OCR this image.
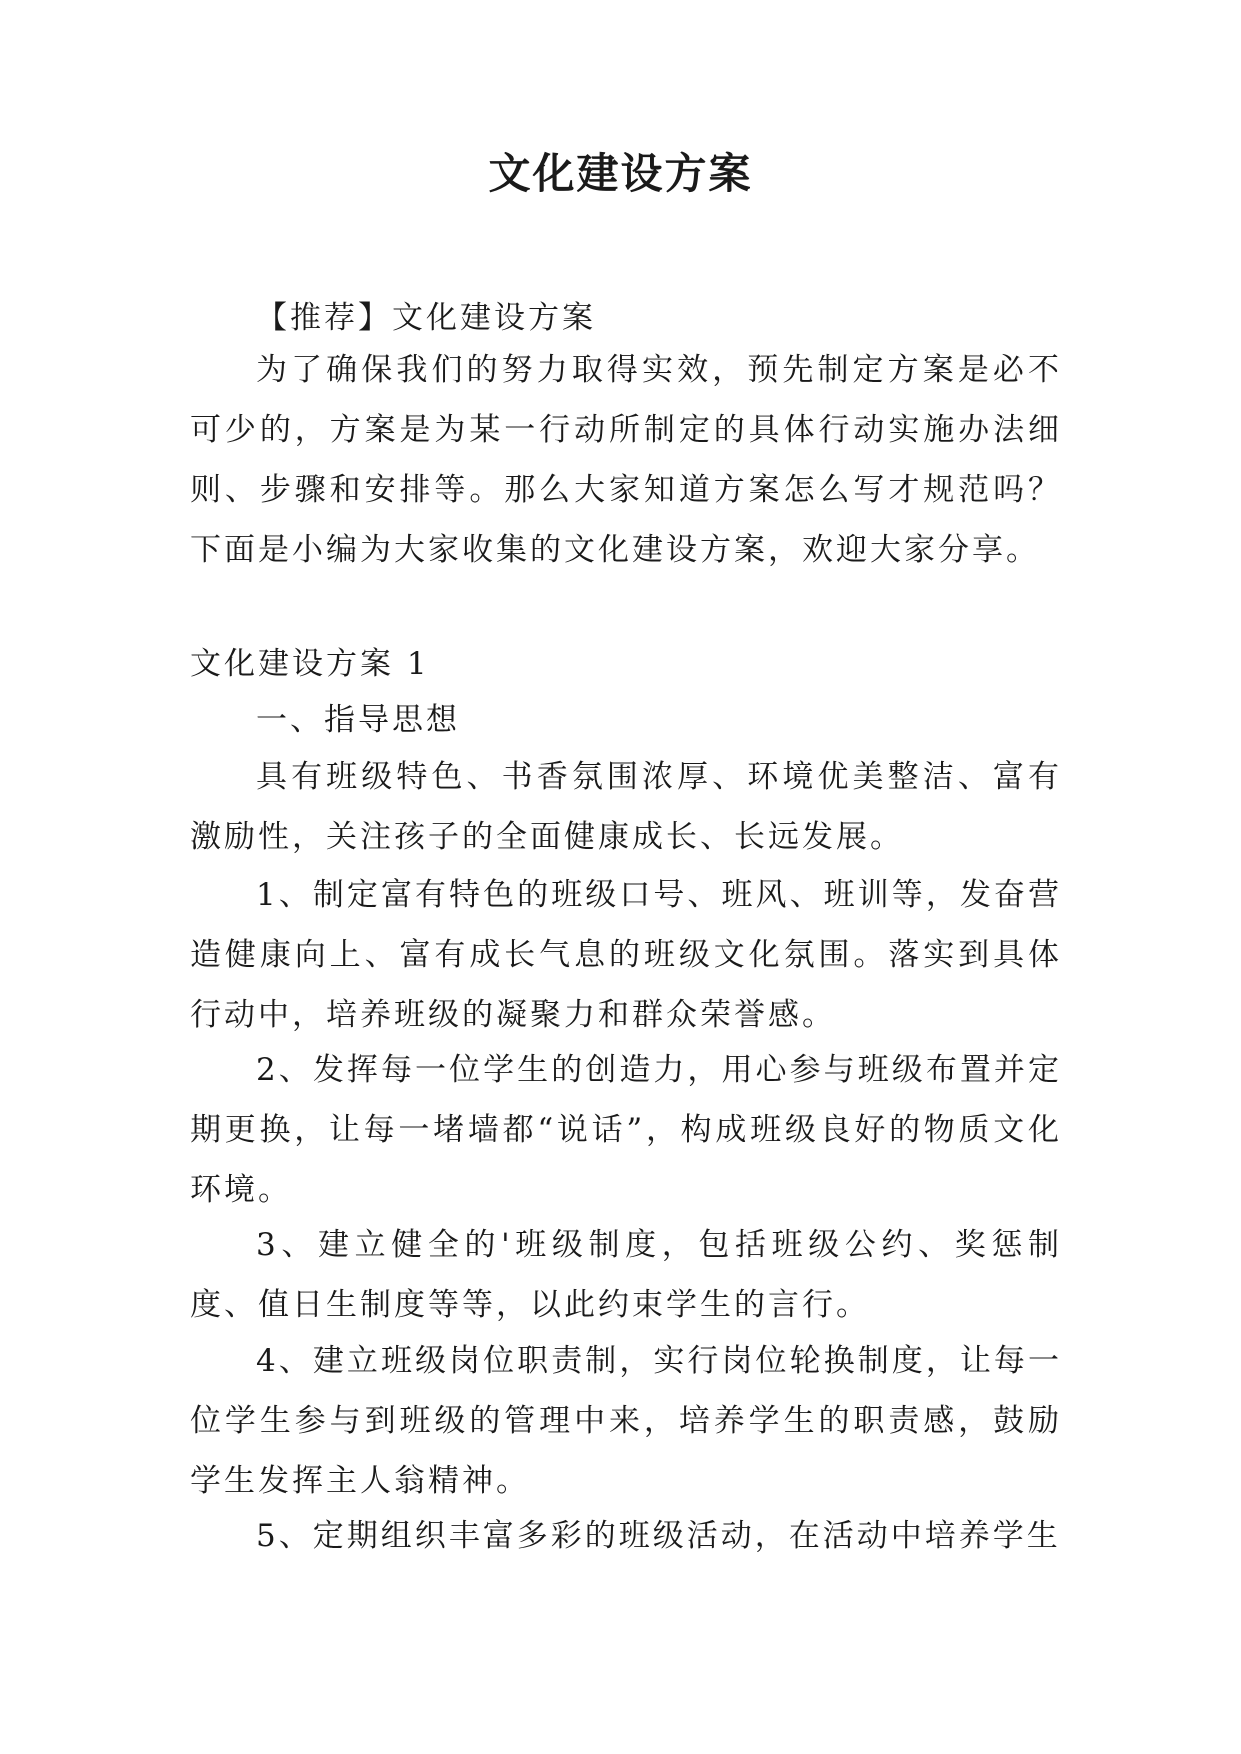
文化建设方案

【推荐】文化建设方案

为了确保我们的努力取得实效，预先制定方案是必不可少的，方案是为某一行动所制定的具体行动实施办法细则、步骤和安排等。那么大家知道方案怎么写才规范吗？下面是小编为大家收集的文化建设方案，欢迎大家分享。

文化建设方案 1

一、指导思想

具有班级特色、书香氛围浓厚、环境优美整洁、富有激励性，关注孩子的全面健康成长、长远发展。

1、制定富有特色的班级口号、班风、班训等，发奋营造健康向上、富有成长气息的班级文化氛围。落实到具体行动中，培养班级的凝聚力和群众荣誉感。

2、发挥每一位学生的创造力，用心参与班级布置并定期更换，让每一堵墙都“说话”，构成班级良好的物质文化环境。

3、建立健全的'班级制度，包括班级公约、奖惩制度、值日生制度等等，以此约束学生的言行。

4、建立班级岗位职责制，实行岗位轮换制度，让每一位学生参与到班级的管理中来，培养学生的职责感，鼓励学生发挥主人翁精神。

5、定期组织丰富多彩的班级活动，在活动中培养学生
